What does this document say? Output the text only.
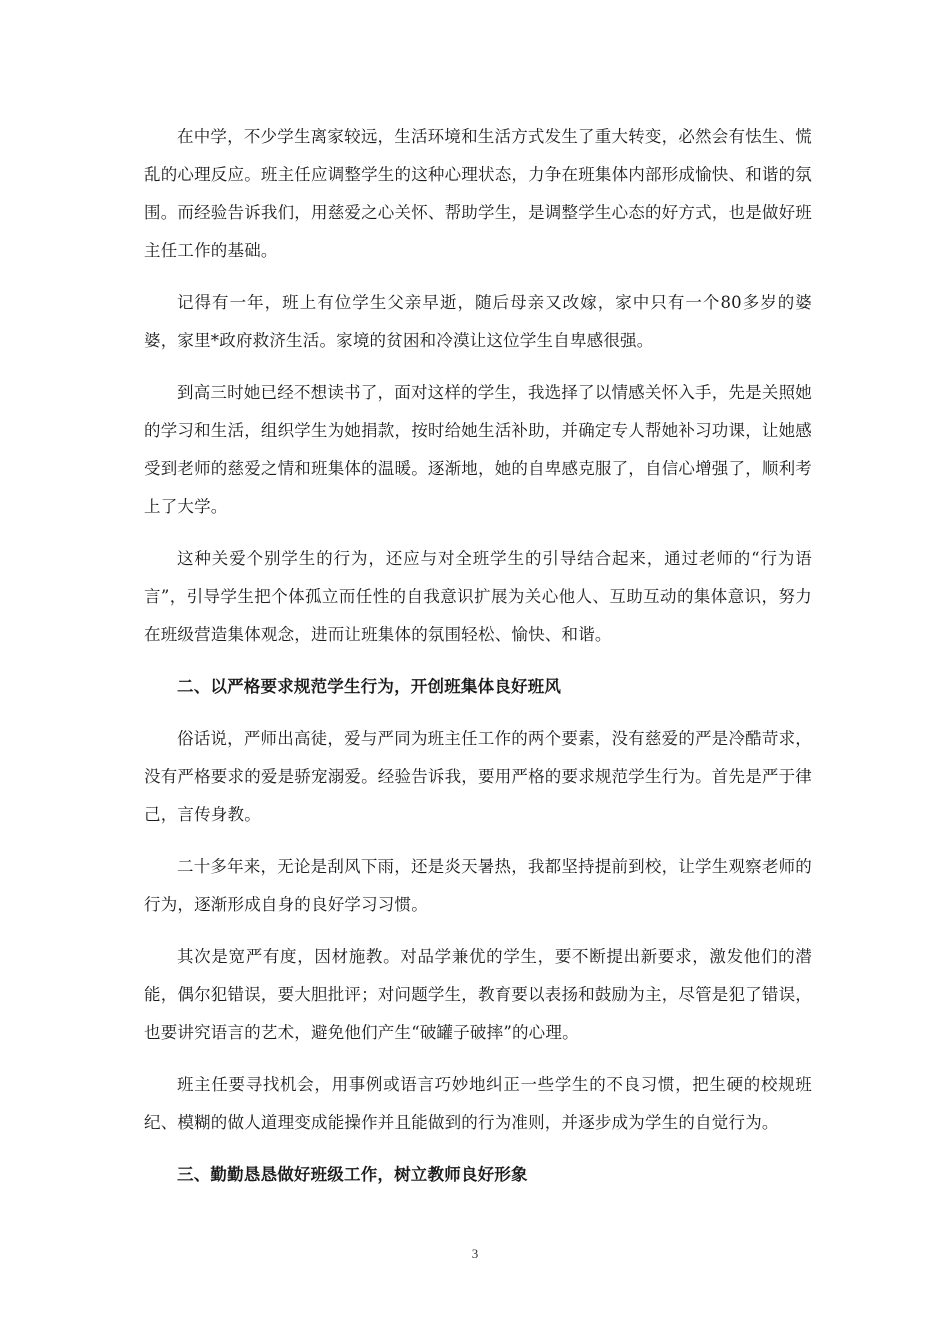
在中学，不少学生离家较远，生活环境和生活方式发生了重大转变，必然会有怯生、慌乱的心理反应。班主任应调整学生的这种心理状态，力争在班集体内部形成愉快、和谐的氛围。而经验告诉我们，用慈爱之心关怀、帮助学生，是调整学生心态的好方式，也是做好班主任工作的基础。

记得有一年，班上有位学生父亲早逝，随后母亲又改嫁，家中只有一个80多岁的婆婆，家里*政府救济生活。家境的贫困和冷漠让这位学生自卑感很强。

到高三时她已经不想读书了，面对这样的学生，我选择了以情感关怀入手，先是关照她的学习和生活，组织学生为她捐款，按时给她生活补助，并确定专人帮她补习功课，让她感受到老师的慈爱之情和班集体的温暖。逐渐地，她的自卑感克服了，自信心增强了，顺利考上了大学。

这种关爱个别学生的行为，还应与对全班学生的引导结合起来，通过老师的“行为语言”，引导学生把个体孤立而任性的自我意识扩展为关心他人、互助互动的集体意识，努力在班级营造集体观念，进而让班集体的氛围轻松、愉快、和谐。

二、以严格要求规范学生行为，开创班集体良好班风

俗话说，严师出高徒，爱与严同为班主任工作的两个要素，没有慈爱的严是冷酷苛求，没有严格要求的爱是骄宠溺爱。经验告诉我，要用严格的要求规范学生行为。首先是严于律己，言传身教。

二十多年来，无论是刮风下雨，还是炎天暑热，我都坚持提前到校，让学生观察老师的行为，逐渐形成自身的良好学习习惯。

其次是宽严有度，因材施教。对品学兼优的学生，要不断提出新要求，激发他们的潜能，偶尔犯错误，要大胆批评；对问题学生，教育要以表扬和鼓励为主，尽管是犯了错误，也要讲究语言的艺术，避免他们产生“破罐子破摔”的心理。

班主任要寻找机会，用事例或语言巧妙地纠正一些学生的不良习惯，把生硬的校规班纪、模糊的做人道理变成能操作并且能做到的行为准则，并逐步成为学生的自觉行为。

三、勤勤恳恳做好班级工作，树立教师良好形象

3
